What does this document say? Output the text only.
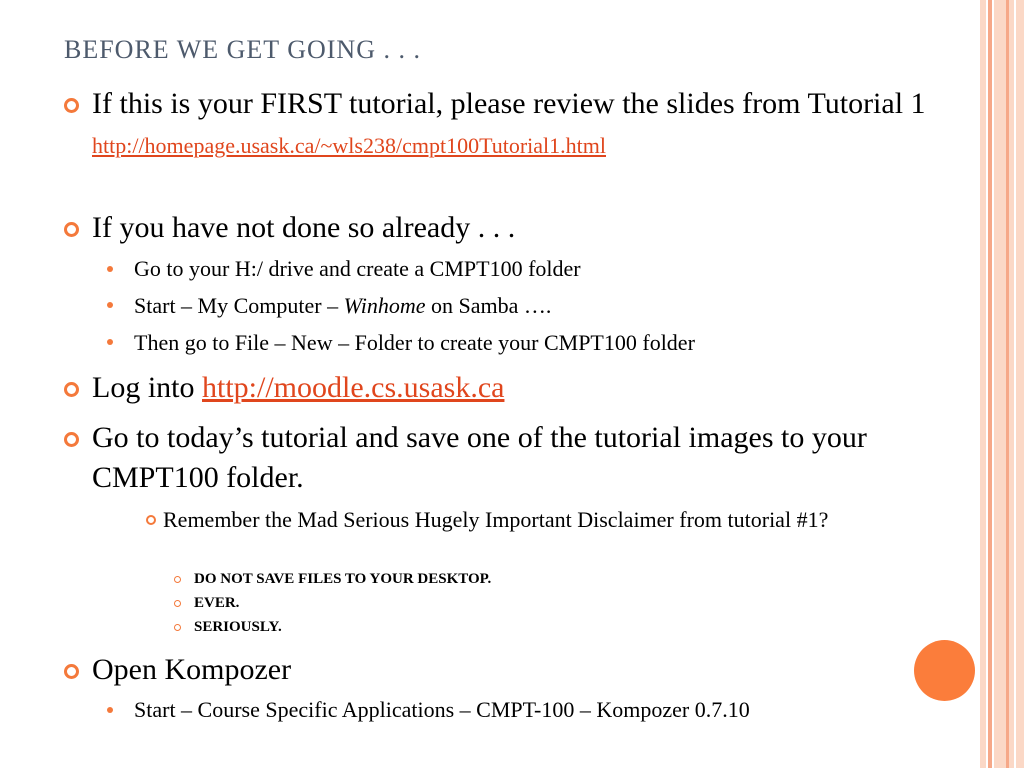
BEFORE WE GET GOING . . .
If this is your FIRST tutorial, please review the slides from Tutorial 1
http://homepage.usask.ca/~wls238/cmpt100Tutorial1.html
If you have not done so already . . .
Go to your H:/ drive and create a CMPT100 folder
Start – My Computer – Winhome on Samba ….
Then go to File – New – Folder to create your CMPT100 folder
Log into http://moodle.cs.usask.ca
Go to today’s tutorial and save one of the tutorial images to your CMPT100 folder.
Remember the Mad Serious Hugely Important Disclaimer from tutorial #1?
DO NOT SAVE FILES TO YOUR DESKTOP.
EVER.
SERIOUSLY.
Open Kompozer
Start – Course Specific Applications – CMPT-100 – Kompozer 0.7.10
